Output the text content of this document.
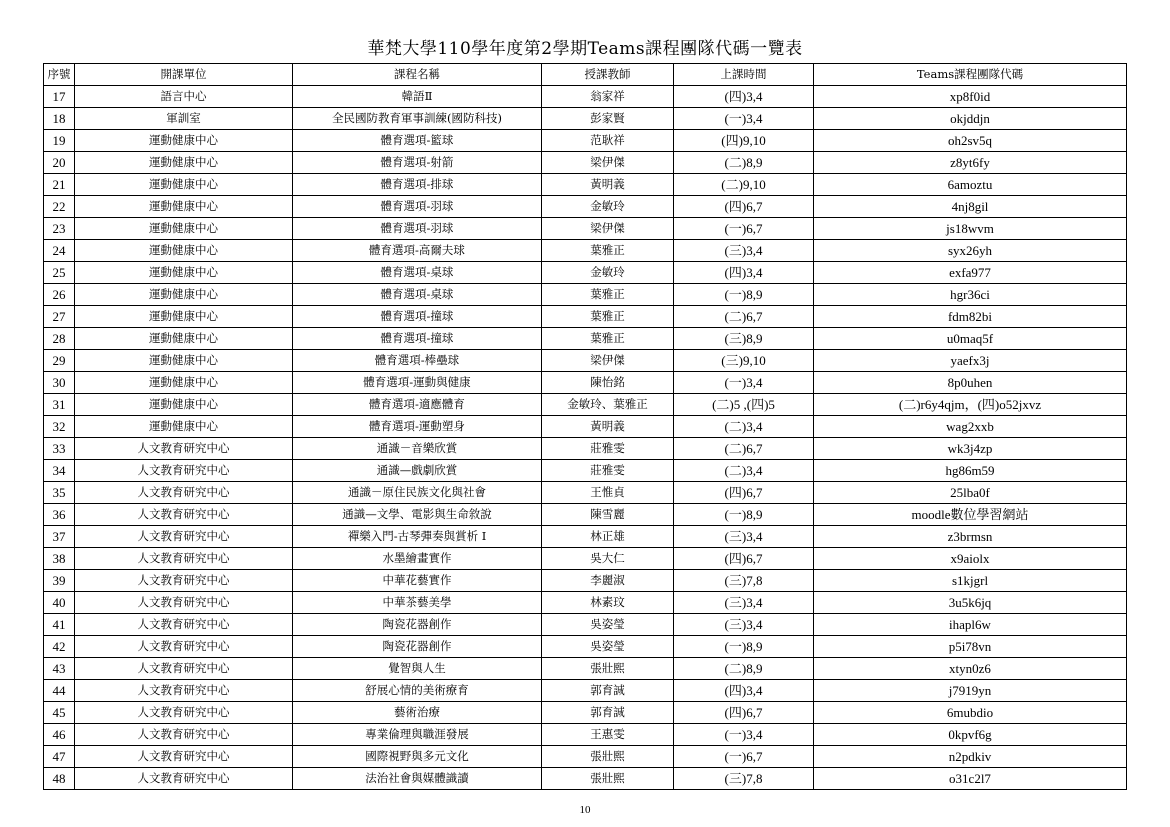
華梵大學110學年度第2學期Teams課程團隊代碼一覽表
序號	開課單位	課程名稱	授課教師	上課時間	Teams課程團隊代碼
17	語言中心	韓語Ⅱ	翁家祥	(四)3,4	xp8f0id
18	軍訓室	全民國防教育軍事訓練(國防科技)	彭家賢	(一)3,4	okjddjn
19	運動健康中心	體育選項-籃球	范耿祥	(四)9,10	oh2sv5q
20	運動健康中心	體育選項-射箭	梁伊傑	(二)8,9	z8yt6fy
21	運動健康中心	體育選項-排球	黃明義	(二)9,10	6amoztu
22	運動健康中心	體育選項-羽球	金敏玲	(四)6,7	4nj8gil
23	運動健康中心	體育選項-羽球	梁伊傑	(一)6,7	js18wvm
24	運動健康中心	體育選項-高爾夫球	葉雅正	(三)3,4	syx26yh
25	運動健康中心	體育選項-桌球	金敏玲	(四)3,4	exfa977
26	運動健康中心	體育選項-桌球	葉雅正	(一)8,9	hgr36ci
27	運動健康中心	體育選項-撞球	葉雅正	(二)6,7	fdm82bi
28	運動健康中心	體育選項-撞球	葉雅正	(三)8,9	u0maq5f
29	運動健康中心	體育選項-棒壘球	梁伊傑	(三)9,10	yaefx3j
30	運動健康中心	體育選項-運動與健康	陳怡銘	(一)3,4	8p0uhen
31	運動健康中心	體育選項-適應體育	金敏玲、葉雅正	(二)5 ,(四)5	(二)r6y4qjm，(四)o52jxvz
32	運動健康中心	體育選項-運動塑身	黃明義	(二)3,4	wag2xxb
33	人文教育研究中心	通識－音樂欣賞	莊雅雯	(二)6,7	wk3j4zp
34	人文教育研究中心	通識—戲劇欣賞	莊雅雯	(二)3,4	hg86m59
35	人文教育研究中心	通識－原住民族文化與社會	王惟貞	(四)6,7	25lba0f
36	人文教育研究中心	通識—文學、電影與生命敘說	陳雪麗	(一)8,9	moodle數位學習網站
37	人文教育研究中心	禪樂入門-古琴彈奏與賞析 I	林正雄	(三)3,4	z3brmsn
38	人文教育研究中心	水墨繪畫實作	吳大仁	(四)6,7	x9aiolx
39	人文教育研究中心	中華花藝實作	李麗淑	(三)7,8	s1kjgrl
40	人文教育研究中心	中華茶藝美學	林素玟	(三)3,4	3u5k6jq
41	人文教育研究中心	陶瓷花器創作	吳姿瑩	(三)3,4	ihapl6w
42	人文教育研究中心	陶瓷花器創作	吳姿瑩	(一)8,9	p5i78vn
43	人文教育研究中心	覺智與人生	張壯熙	(二)8,9	xtyn0z6
44	人文教育研究中心	舒展心情的美術療育	郭育誠	(四)3,4	j7919yn
45	人文教育研究中心	藝術治療	郭育誠	(四)6,7	6mubdio
46	人文教育研究中心	專業倫理與職涯發展	王惠雯	(一)3,4	0kpvf6g
47	人文教育研究中心	國際視野與多元文化	張壯熙	(一)6,7	n2pdkiv
48	人文教育研究中心	法治社會與媒體識讀	張壯熙	(三)7,8	o31c2l7
10
